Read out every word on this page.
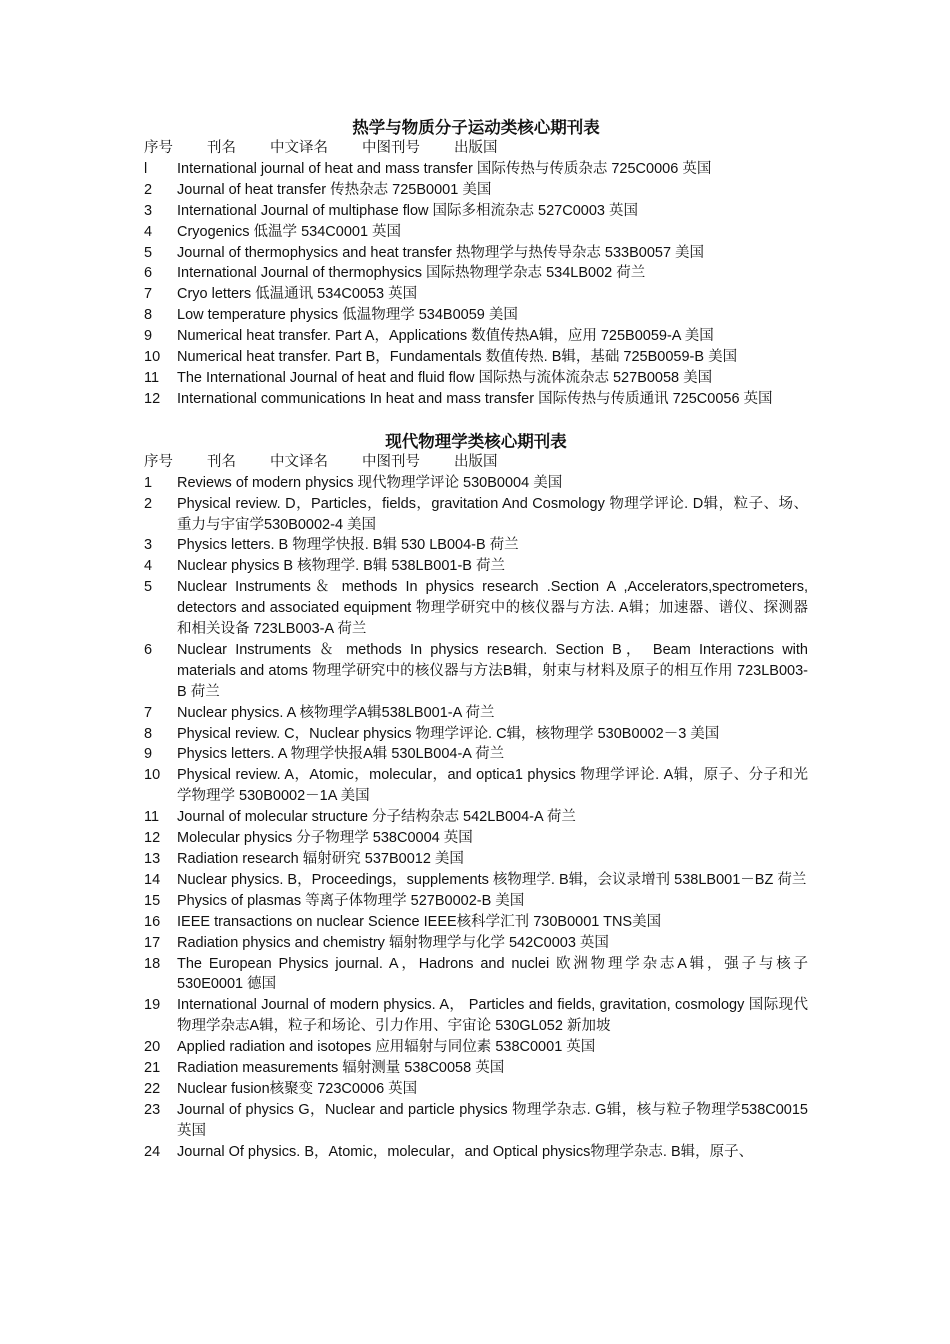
热学与物质分子运动类核心期刊表
序号 刊名 中文译名 中图刊号 出版国
l	International journal of heat and mass transfer 国际传热与传质杂志 725C0006 英国
2	Journal of heat transfer 传热杂志 725B0001 美国
3	International Journal of multiphase flow 国际多相流杂志 527C0003 英国
4	Cryogenics 低温学 534C0001 英国
5	Journal of thermophysics and heat transfer 热物理学与热传导杂志 533B0057 美国
6	International Journal of thermophysics 国际热物理学杂志 534LB002 荷兰
7	Cryo letters 低温通讯 534C0053 英国
8	Low temperature physics 低温物理学 534B0059 美国
9	Numerical heat transfer. Part A，Applications 数值传热A辑，应用 725B0059-A 美国
10	Numerical heat transfer. Part B，Fundamentals 数值传热. B辑，基础 725B0059-B 美国
11	The International Journal of heat and fluid flow 国际热与流体流杂志 527B0058 美国
12	International communications In heat and mass transfer 国际传热与传质通讯 725C0056 英国
现代物理学类核心期刊表
序号 刊名 中文译名 中图刊号 出版国
1	Reviews of modern physics 现代物理学评论 530B0004 美国
2	Physical review. D，Particles，fields，gravitation And Cosmology 物理学评论. D辑，粒子、场、重力与宇宙学530B0002-4 美国
3	Physics letters. B 物理学快报. B辑 530 LB004-B 荷兰
4	Nuclear physics B 核物理学. B辑 538LB001-B 荷兰
5	Nuclear Instruments＆ methods In physics research .Section A ,Accelerators,spectrometers, detectors and associated equipment 物理学研究中的核仪器与方法. A辑；加速器、谱仪、探测器和相关设备 723LB003-A 荷兰
6	Nuclear Instruments ＆ methods In physics research. Section B， Beam Interactions with materials and atoms 物理学研究中的核仪器与方法B辑，射束与材料及原子的相互作用 723LB003-B 荷兰
7	Nuclear physics. A 核物理学A辑538LB001-A 荷兰
8	Physical review. C，Nuclear physics 物理学评论. C辑，核物理学 530B0002－3 美国
9	Physics letters. A 物理学快报A辑 530LB004-A 荷兰
10	Physical review. A，Atomic，molecular，and optica1 physics 物理学评论. A辑，原子、分子和光学物理学 530B0002－1A 美国
11	Journal of molecular structure 分子结构杂志 542LB004-A 荷兰
12	Molecular physics 分子物理学 538C0004 英国
13	Radiation research 辐射研究 537B0012 美国
14	Nuclear physics. B，Proceedings，supplements 核物理学. B辑，会议录增刊 538LB001－BZ 荷兰
15	Physics of plasmas 等离子体物理学 527B0002-B 美国
16	IEEE transactions on nuclear Science IEEE核科学汇刊 730B0001 TNS美国
17	Radiation physics and chemistry 辐射物理学与化学 542C0003 英国
18	The European Physics journal. A，Hadrons and nuclei 欧洲物理学杂志A辑，强子与核子 530E0001 德国
19	International Journal of modern physics. A， Particles and fields, gravitation, cosmology 国际现代物理学杂志A辑，粒子和场论、引力作用、宇宙论 530GL052 新加坡
20	Applied radiation and isotopes 应用辐射与同位素 538C0001 英国
21	Radiation measurements 辐射测量 538C0058 英国
22	Nuclear fusion核聚变 723C0006 英国
23	Journal of physics G，Nuclear and particle physics 物理学杂志. G辑，核与粒子物理学538C0015 英国
24	Journal Of physics. B，Atomic，molecular，and Optical physics物理学杂志. B辑，原子、
